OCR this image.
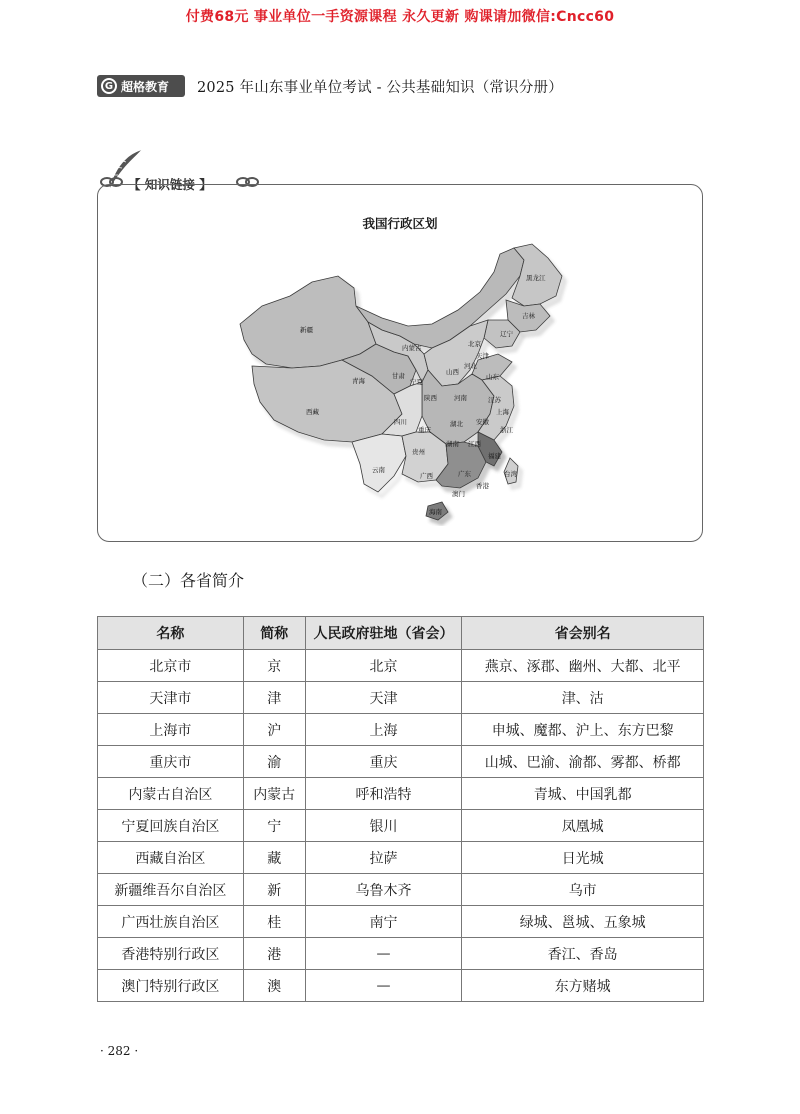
付费68元 事业单位一手资源课程 永久更新 购课请加微信:Cncc60
G 超格教育 2025 年山东事业单位考试 - 公共基础知识（常识分册）
【 知识链接 】
我国行政区划
新疆
西藏
青海
甘肃
内蒙古
宁夏
陕西
山西
北京
天津
河北
山东
河南	江苏
上海
安徽
湖北
浙江
四川
重庆
湖南 江西
福建
贵州
云南
广西	广东	台湾
香港
澳门
海南
黑龙江
吉林
辽宁
（二）各省简介
名称	简称	人民政府驻地（省会）	省会别名
北京市	京	北京	燕京、涿郡、幽州、大都、北平
天津市	津	天津	津、沽
上海市	沪	上海	申城、魔都、沪上、东方巴黎
重庆市	渝	重庆	山城、巴渝、渝都、雾都、桥都
内蒙古自治区	内蒙古	呼和浩特	青城、中国乳都
宁夏回族自治区	宁	银川	凤凰城
西藏自治区	藏	拉萨	日光城
新疆维吾尔自治区	新	乌鲁木齐	乌市
广西壮族自治区	桂	南宁	绿城、邕城、五象城
香港特别行政区	港	—	香江、香岛
澳门特别行政区	澳	—	东方赌城
· 282 ·
